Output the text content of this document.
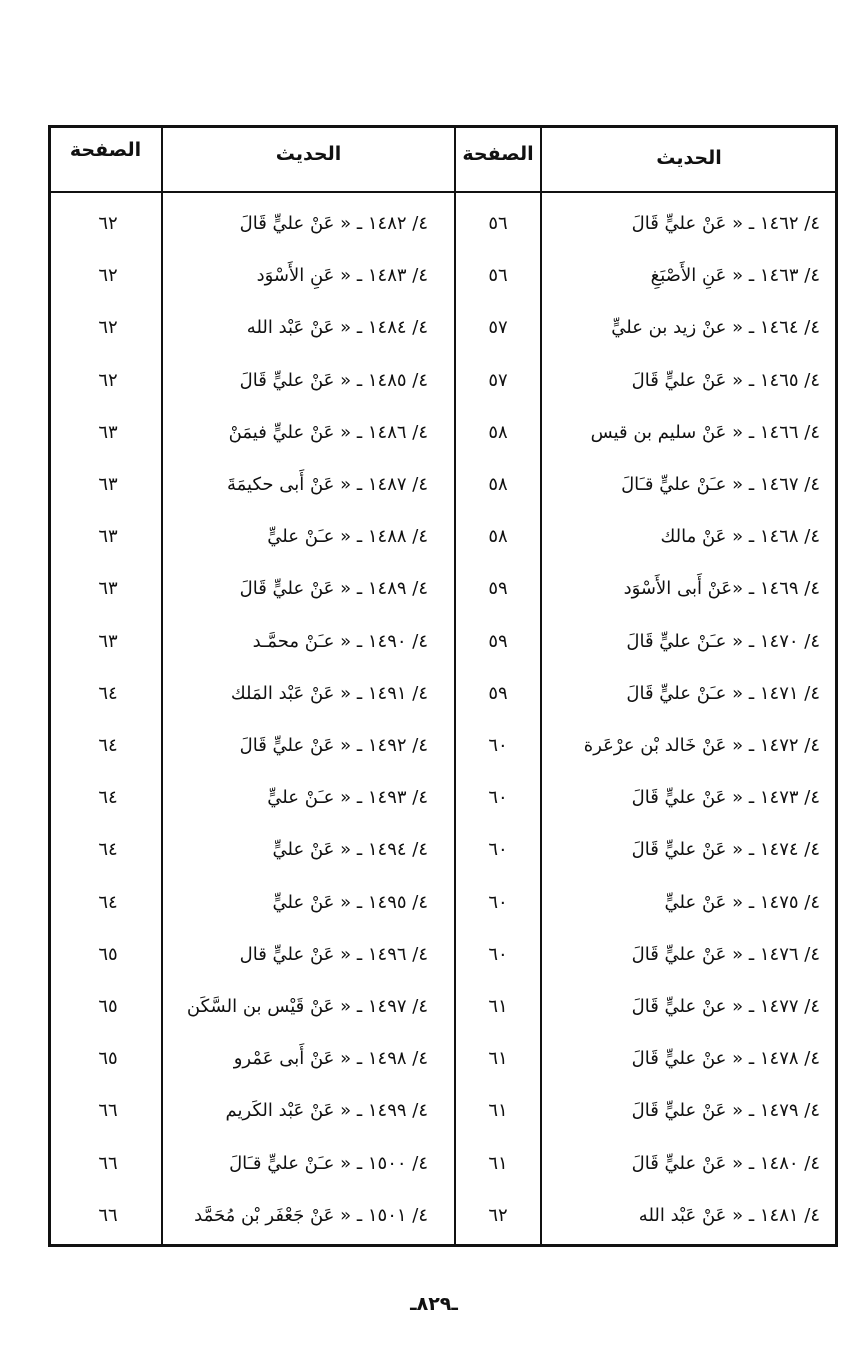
الحديث
الصفحة
الحديث
الصفحة
٤/ ١٤٦٢ ـ « عَنْ عليٍّ قَالَ
٥٦
٤/ ١٤٦٣ ـ « عَنِ الأَصْبَغِ
٥٦
٤/ ١٤٦٤ ـ « عنْ زيد بن عليٍّ
٥٧
٤/ ١٤٦٥ ـ « عَنْ عليٍّ قَالَ
٥٧
٤/ ١٤٦٦ ـ « عَنْ سليم بن قيس
٥٨
٤/ ١٤٦٧ ـ « عـَنْ عليٍّ قـَالَ
٥٨
٤/ ١٤٦٨ ـ « عَنْ مالك
٥٨
٤/ ١٤٦٩ ـ «عَنْ أَبى الأَسْوَد
٥٩
٤/ ١٤٧٠ ـ « عـَنْ عليٍّ قَالَ
٥٩
٤/ ١٤٧١ ـ « عـَنْ عليٍّ قَالَ
٥٩
٤/ ١٤٧٢ ـ « عَنْ خَالد بْن عرْعَرة
٦٠
٤/ ١٤٧٣ ـ « عَنْ عليٍّ قَالَ
٦٠
٤/ ١٤٧٤ ـ « عَنْ عليٍّ قَالَ
٦٠
٤/ ١٤٧٥ ـ « عَنْ عليٍّ
٦٠
٤/ ١٤٧٦ ـ « عَنْ عليٍّ قَالَ
٦٠
٤/ ١٤٧٧ ـ « عنْ عليٍّ قَالَ
٦١
٤/ ١٤٧٨ ـ « عنْ عليٍّ قَالَ
٦١
٤/ ١٤٧٩ ـ « عَنْ عليٍّ قَالَ
٦١
٤/ ١٤٨٠ ـ « عَنْ عليٍّ قَالَ
٦١
٤/ ١٤٨١ ـ « عَنْ عَبْد الله
٦٢
٤/ ١٤٨٢ ـ « عَنْ عليٍّ قَالَ
٦٢
٤/ ١٤٨٣ ـ « عَنِ الأَسْوَد
٦٢
٤/ ١٤٨٤ ـ « عَنْ عَبْد الله
٦٢
٤/ ١٤٨٥ ـ « عَنْ عليٍّ قَالَ
٦٢
٤/ ١٤٨٦ ـ « عَنْ عليٍّ فيمَنْ
٦٣
٤/ ١٤٨٧ ـ « عَنْ أَبى حكيمَةَ
٦٣
٤/ ١٤٨٨ ـ « عـَنْ عليٍّ
٦٣
٤/ ١٤٨٩ ـ « عَنْ عليٍّ قَالَ
٦٣
٤/ ١٤٩٠ ـ « عـَنْ محمَّـد
٦٣
٤/ ١٤٩١ ـ « عَنْ عَبْد المَلك
٦٤
٤/ ١٤٩٢ ـ « عَنْ عليٍّ قَالَ
٦٤
٤/ ١٤٩٣ ـ « عـَنْ عليٍّ
٦٤
٤/ ١٤٩٤ ـ « عَنْ عليٍّ
٦٤
٤/ ١٤٩٥ ـ « عَنْ عليٍّ
٦٤
٤/ ١٤٩٦ ـ « عَنْ عليٍّ قال
٦٥
٤/ ١٤٩٧ ـ « عَنْ قَيْس بن السَّكَن
٦٥
٤/ ١٤٩٨ ـ « عَنْ أَبى عَمْرو
٦٥
٤/ ١٤٩٩ ـ « عَنْ عَبْد الكَريم
٦٦
٤/ ١٥٠٠ ـ « عـَنْ عليٍّ قـَالَ
٦٦
٤/ ١٥٠١ ـ « عَنْ جَعْفَر بْن مُحَمَّد
٦٦
ـ٨٢٩ـ
